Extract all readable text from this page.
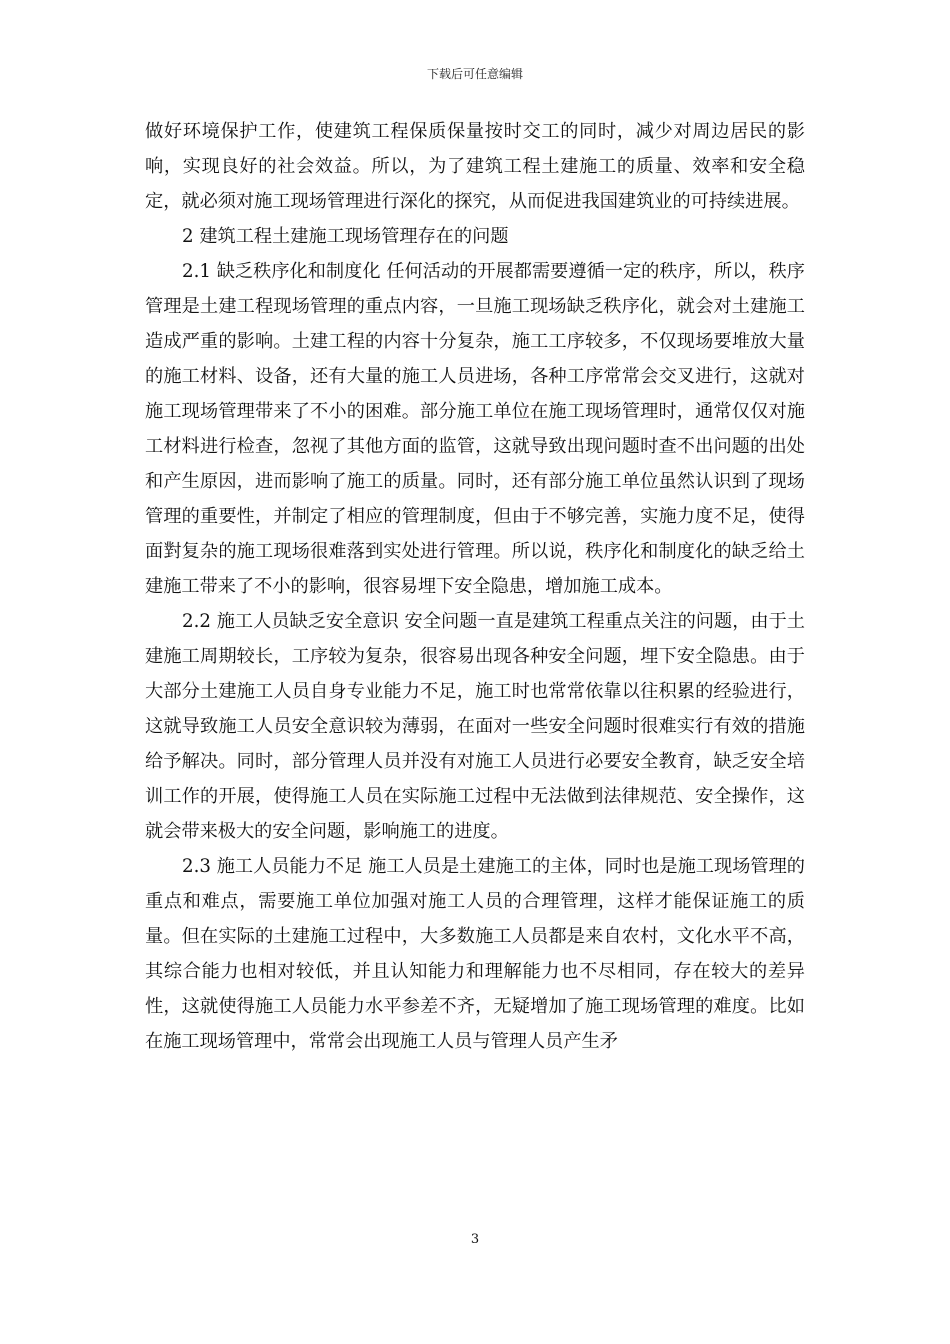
下载后可任意编辑

做好环境保护工作，使建筑工程保质保量按时交工的同时，减少对周边居民的影响，实现良好的社会效益。所以，为了建筑工程土建施工的质量、效率和安全稳定，就必须对施工现场管理进行深化的探究，从而促进我国建筑业的可持续进展。

2 建筑工程土建施工现场管理存在的问题

2.1 缺乏秩序化和制度化 任何活动的开展都需要遵循一定的秩序，所以，秩序管理是土建工程现场管理的重点内容，一旦施工现场缺乏秩序化，就会对土建施工造成严重的影响。土建工程的内容十分复杂，施工工序较多，不仅现场要堆放大量的施工材料、设备，还有大量的施工人员进场，各种工序常常会交叉进行，这就对施工现场管理带来了不小的困难。部分施工单位在施工现场管理时，通常仅仅对施工材料进行检查，忽视了其他方面的监管，这就导致出现问题时查不出问题的出处和产生原因，进而影响了施工的质量。同时，还有部分施工单位虽然认识到了现场管理的重要性，并制定了相应的管理制度，但由于不够完善，实施力度不足，使得面對复杂的施工现场很难落到实处进行管理。所以说，秩序化和制度化的缺乏给土建施工带来了不小的影响，很容易埋下安全隐患，增加施工成本。

2.2 施工人员缺乏安全意识 安全问题一直是建筑工程重点关注的问题，由于土建施工周期较长，工序较为复杂，很容易出现各种安全问题，埋下安全隐患。由于大部分土建施工人员自身专业能力不足，施工时也常常依靠以往积累的经验进行，这就导致施工人员安全意识较为薄弱，在面对一些安全问题时很难实行有效的措施给予解决。同时，部分管理人员并没有对施工人员进行必要安全教育，缺乏安全培训工作的开展，使得施工人员在实际施工过程中无法做到法律规范、安全操作，这就会带来极大的安全问题，影响施工的进度。

2.3 施工人员能力不足 施工人员是土建施工的主体，同时也是施工现场管理的重点和难点，需要施工单位加强对施工人员的合理管理，这样才能保证施工的质量。但在实际的土建施工过程中，大多数施工人员都是来自农村，文化水平不高，其综合能力也相对较低，并且认知能力和理解能力也不尽相同，存在较大的差异性，这就使得施工人员能力水平参差不齐，无疑增加了施工现场管理的难度。比如在施工现场管理中，常常会出现施工人员与管理人员产生矛

3
